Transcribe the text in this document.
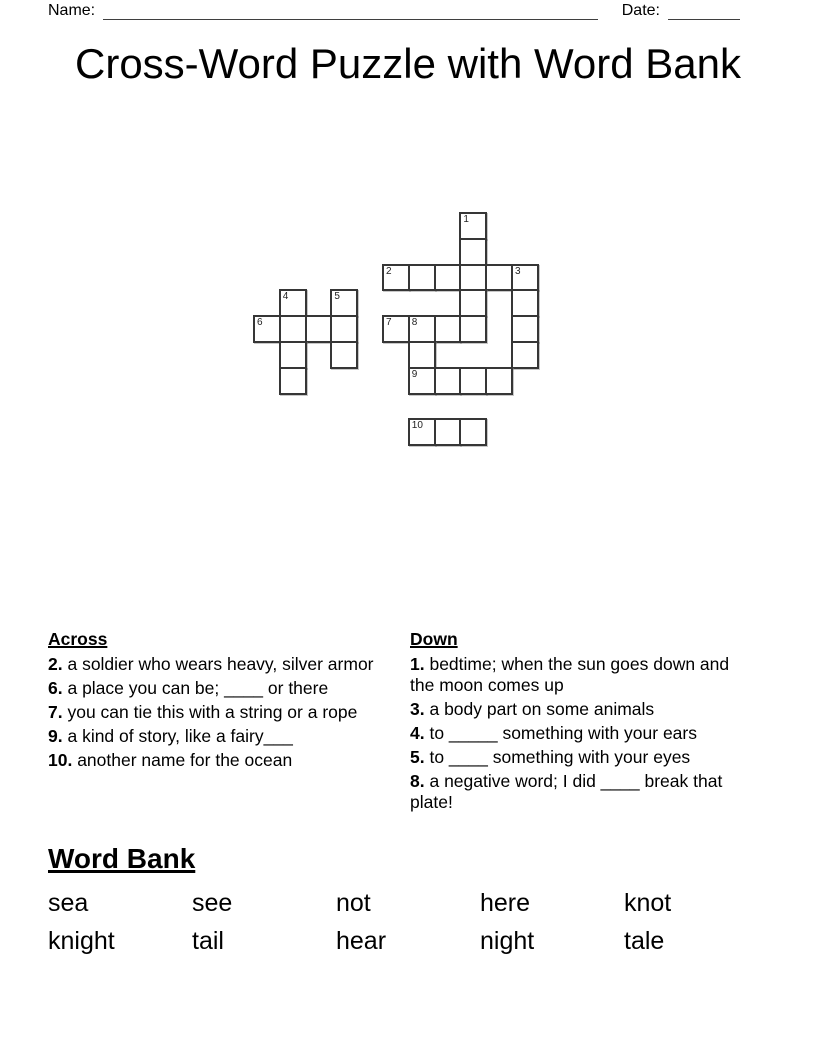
Name:	Date:
Cross-Word Puzzle with Word Bank
1
2	3
4	5
6	7 8
9
10
Across
2. a soldier who wears heavy, silver armor
6. a place you can be; ____ or there
7. you can tie this with a string or a rope
9. a kind of story, like a fairy___
10. another name for the ocean
Down
1. bedtime; when the sun goes down and the moon comes up
3. a body part on some animals
4. to _____ something with your ears
5. to ____ something with your eyes
8. a negative word; I did ____ break that plate!
Word Bank
sea	see	not	here	knot
knight	tail	hear	night	tale
